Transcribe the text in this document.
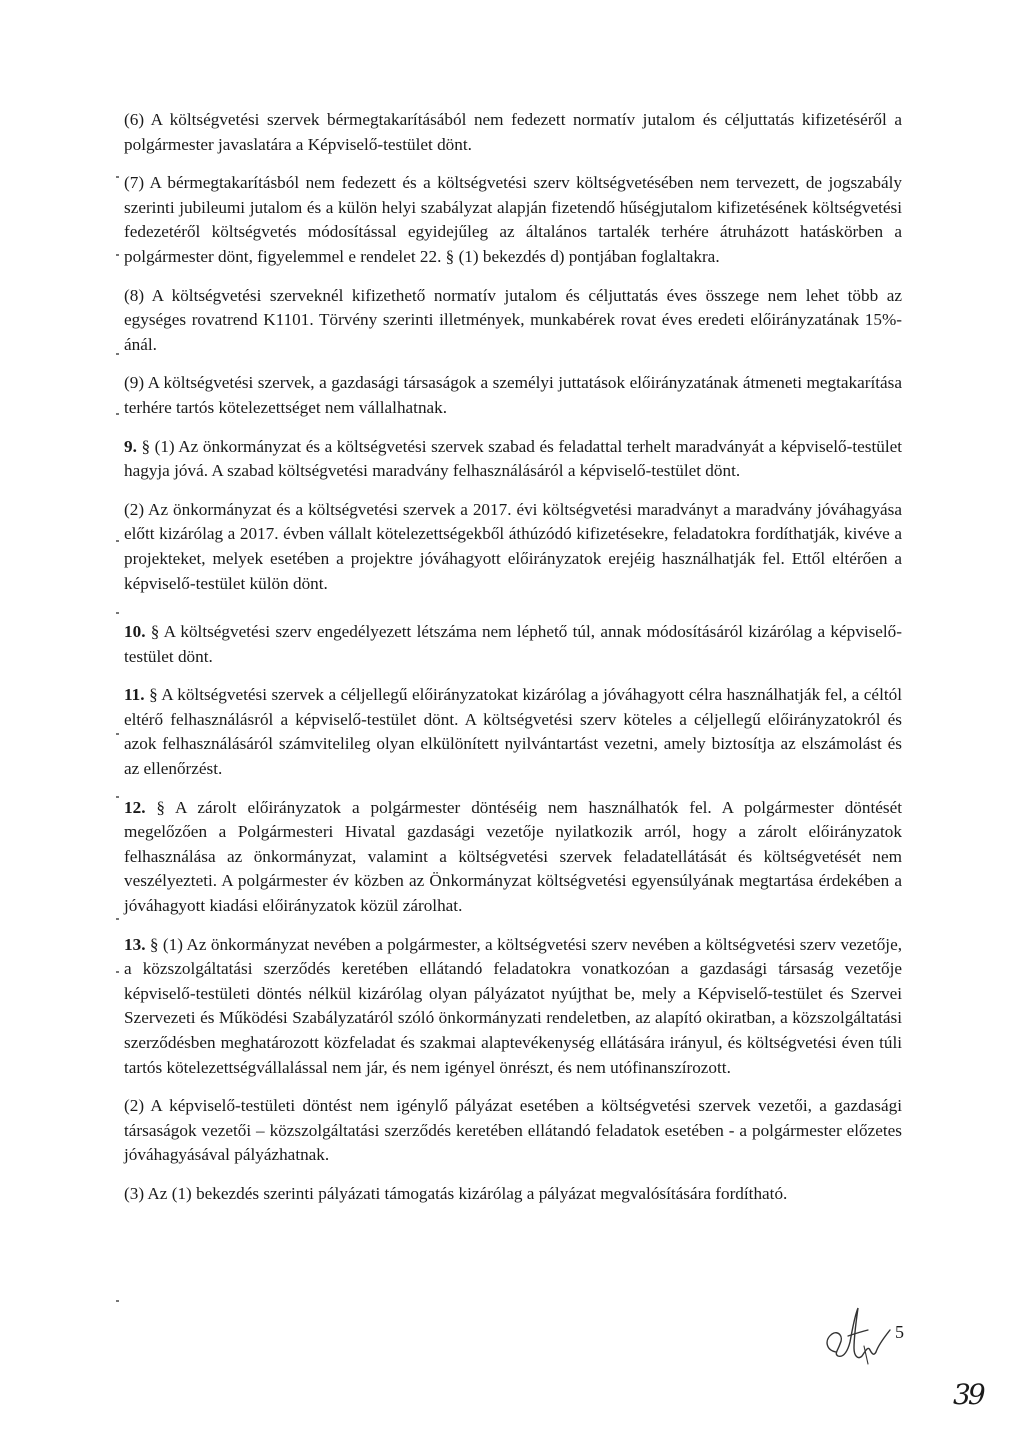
(6) A költségvetési szervek bérmegtakarításából nem fedezett normatív jutalom és céljuttatás kifizetéséről a polgármester javaslatára a Képviselő-testület dönt.

(7) A bérmegtakarításból nem fedezett és a költségvetési szerv költségvetésében nem tervezett, de jogszabály szerinti jubileumi jutalom és a külön helyi szabályzat alapján fizetendő hűségjutalom kifizetésének költségvetési fedezetéről költségvetés módosítással egyidejűleg az általános tartalék terhére átruházott hatáskörben a polgármester dönt, figyelemmel e rendelet 22. § (1) bekezdés d) pontjában foglaltakra.

(8) A költségvetési szerveknél kifizethető normatív jutalom és céljuttatás éves összege nem lehet több az egységes rovatrend K1101. Törvény szerinti illetmények, munkabérek rovat éves eredeti előirányzatának 15%-ánál.

(9) A költségvetési szervek, a gazdasági társaságok a személyi juttatások előirányzatának átmeneti megtakarítása terhére tartós kötelezettséget nem vállalhatnak.

9. § (1) Az önkormányzat és a költségvetési szervek szabad és feladattal terhelt maradványát a képviselő-testület hagyja jóvá. A szabad költségvetési maradvány felhasználásáról a képviselő-testület dönt.

(2) Az önkormányzat és a költségvetési szervek a 2017. évi költségvetési maradványt a maradvány jóváhagyása előtt kizárólag a 2017. évben vállalt kötelezettségekből áthúzódó kifizetésekre, feladatokra fordíthatják, kivéve a projekteket, melyek esetében a projektre jóváhagyott előirányzatok erejéig használhatják fel. Ettől eltérően a képviselő-testület külön dönt.

10. § A költségvetési szerv engedélyezett létszáma nem léphető túl, annak módosításáról kizárólag a képviselő-testület dönt.

11. § A költségvetési szervek a céljellegű előirányzatokat kizárólag a jóváhagyott célra használhatják fel, a céltól eltérő felhasználásról a képviselő-testület dönt. A költségvetési szerv köteles a céljellegű előirányzatokról és azok felhasználásáról számvitelileg olyan elkülönített nyilvántartást vezetni, amely biztosítja az elszámolást és az ellenőrzést.

12. § A zárolt előirányzatok a polgármester döntéséig nem használhatók fel. A polgármester döntését megelőzően a Polgármesteri Hivatal gazdasági vezetője nyilatkozik arról, hogy a zárolt előirányzatok felhasználása az önkormányzat, valamint a költségvetési szervek feladatellátását és költségvetését nem veszélyezteti. A polgármester év közben az Önkormányzat költségvetési egyensúlyának megtartása érdekében a jóváhagyott kiadási előirányzatok közül zárolhat.

13. § (1) Az önkormányzat nevében a polgármester, a költségvetési szerv nevében a költségvetési szerv vezetője, a közszolgáltatási szerződés keretében ellátandó feladatokra vonatkozóan a gazdasági társaság vezetője képviselő-testületi döntés nélkül kizárólag olyan pályázatot nyújthat be, mely a Képviselő-testület és Szervei Szervezeti és Működési Szabályzatáról szóló önkormányzati rendeletben, az alapító okiratban, a közszolgáltatási szerződésben meghatározott közfeladat és szakmai alaptevékenység ellátására irányul, és költségvetési éven túli tartós kötelezettségvállalással nem jár, és nem igényel önrészt, és nem utófinanszírozott.

(2) A képviselő-testületi döntést nem igénylő pályázat esetében a költségvetési szervek vezetői, a gazdasági társaságok vezetői – közszolgáltatási szerződés keretében ellátandó feladatok esetében - a polgármester előzetes jóváhagyásával pályázhatnak.

(3) Az (1) bekezdés szerinti pályázati támogatás kizárólag a pályázat megvalósítására fordítható.

5
39
